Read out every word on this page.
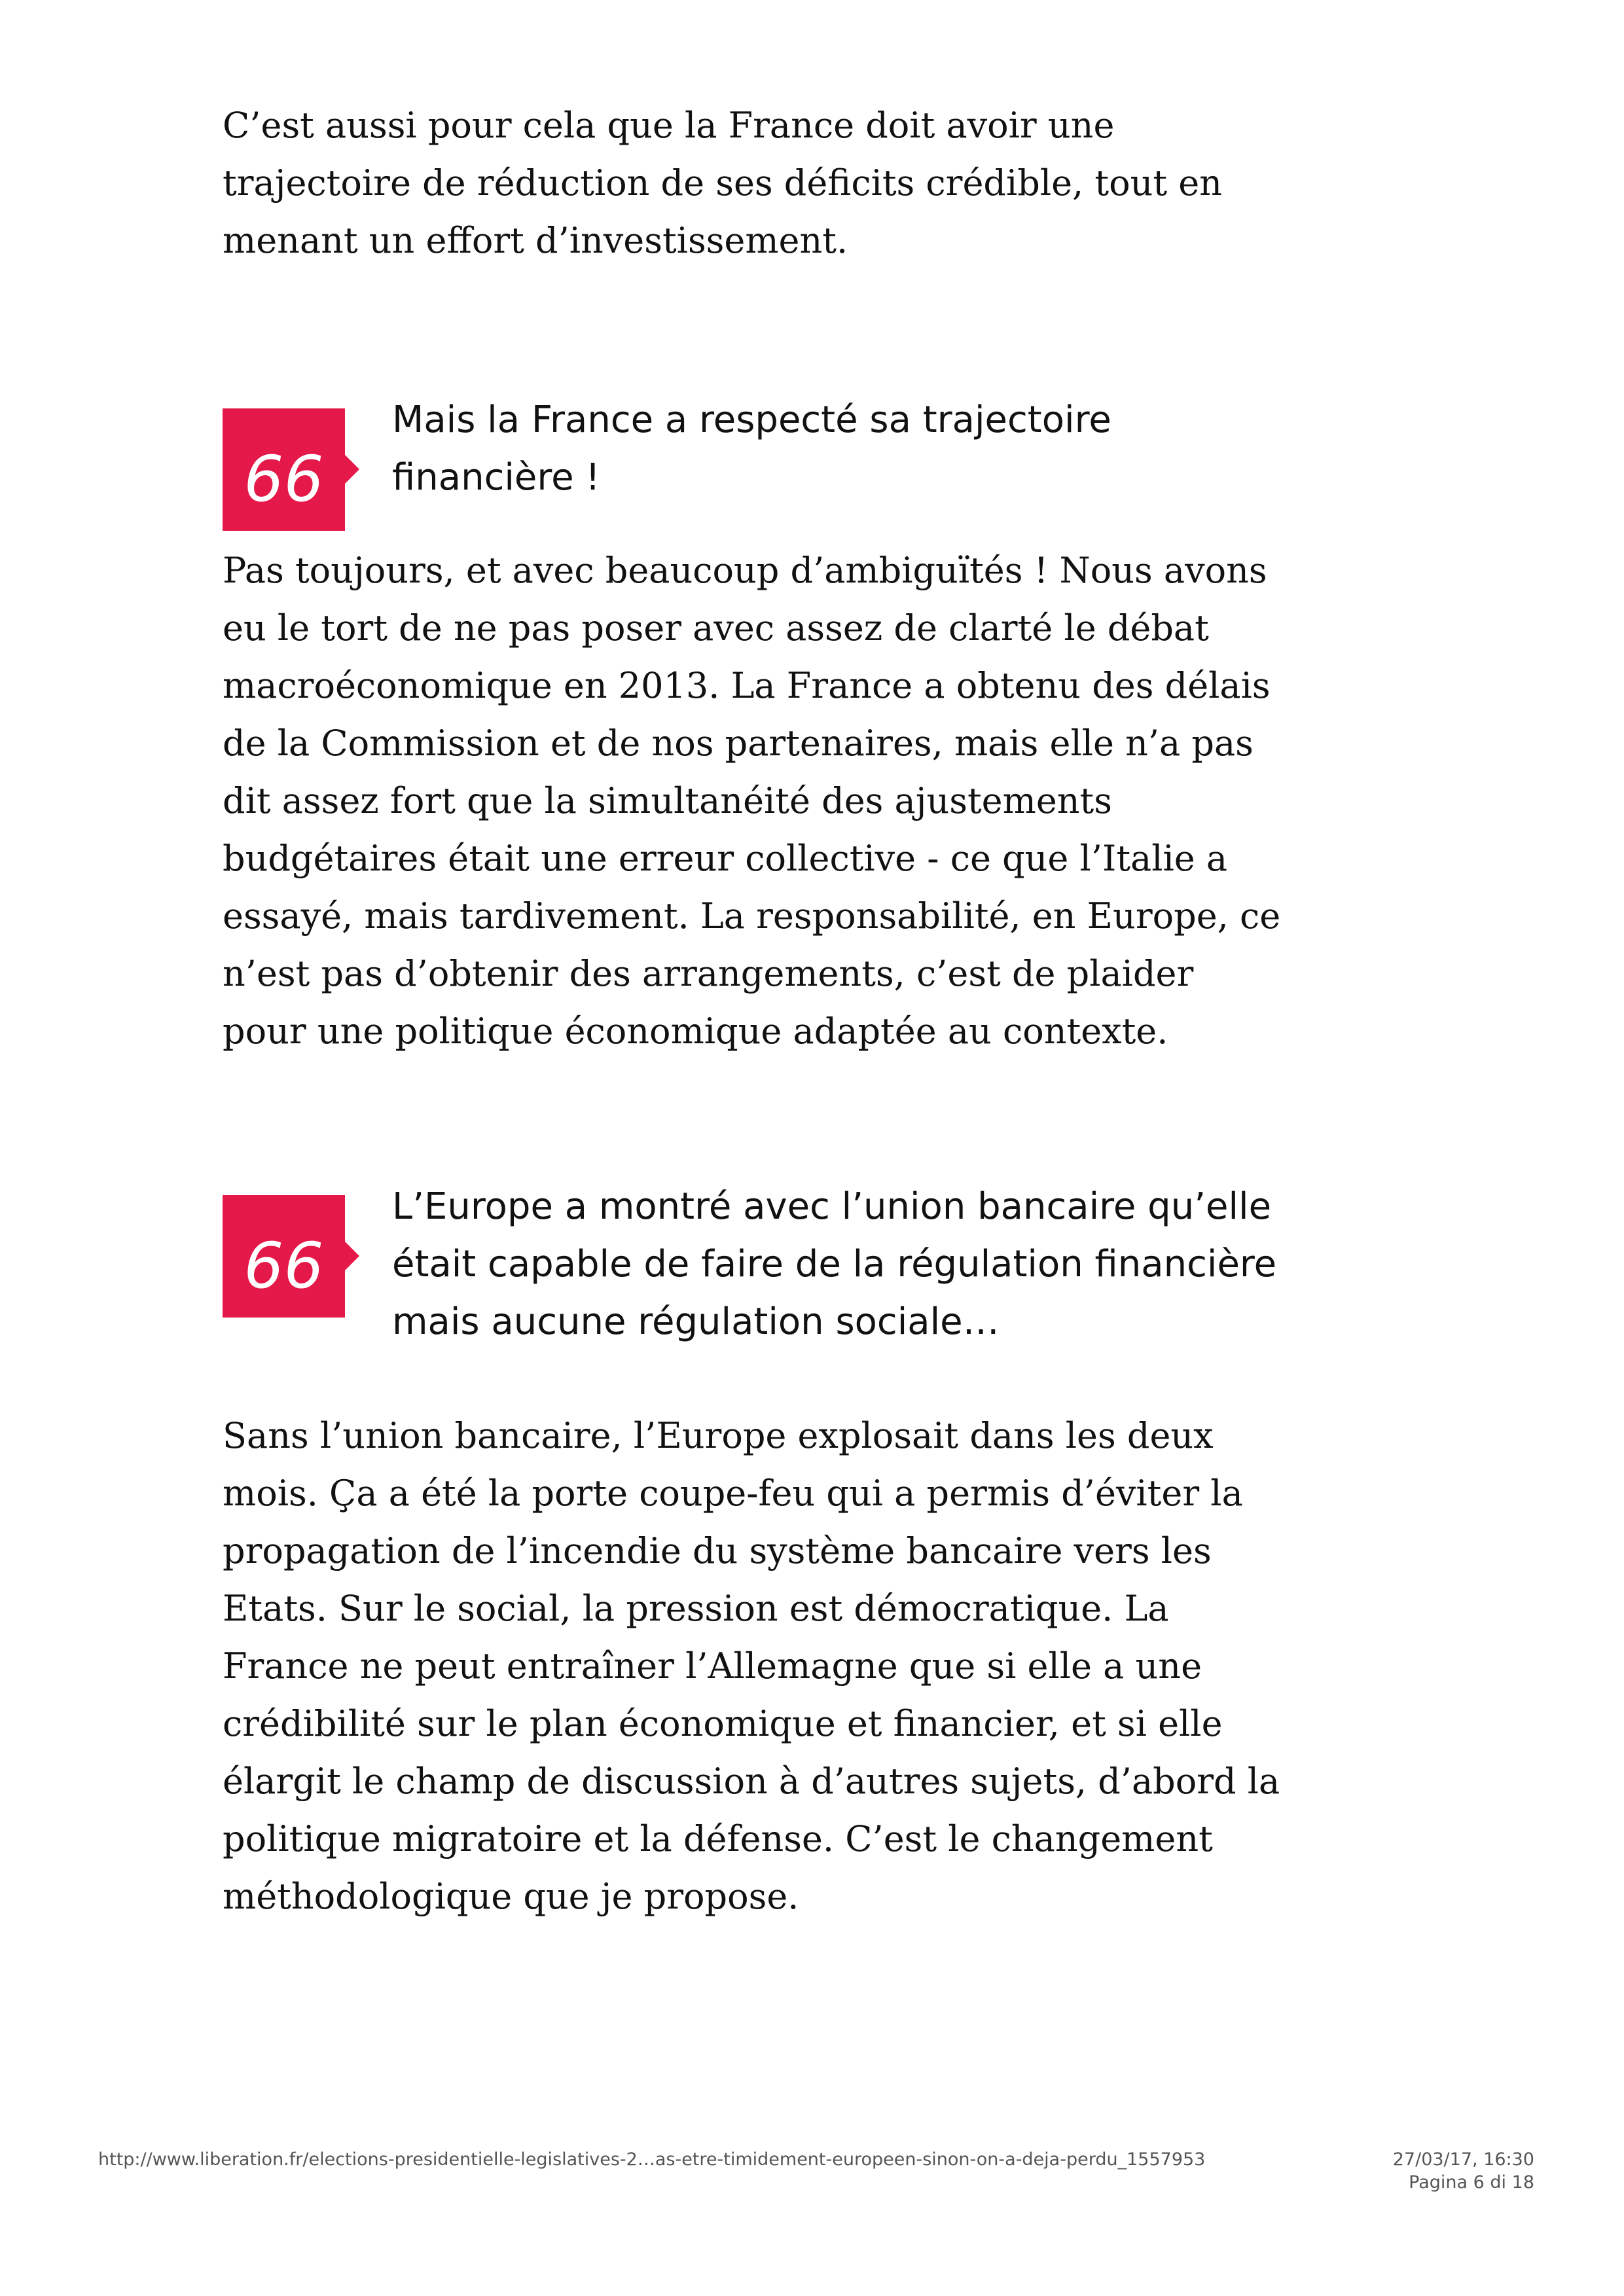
C’est aussi pour cela que la France doit avoir une trajectoire de réduction de ses déficits crédible, tout en menant un effort d’investissement.

66

Mais la France a respecté sa trajectoire financière !

Pas toujours, et avec beaucoup d’ambiguïtés ! Nous avons eu le tort de ne pas poser avec assez de clarté le débat macroéconomique en 2013. La France a obtenu des délais de la Commission et de nos partenaires, mais elle n’a pas dit assez fort que la simultanéité des ajustements budgétaires était une erreur collective - ce que l’Italie a essayé, mais tardivement. La responsabilité, en Europe, ce n’est pas d’obtenir des arrangements, c’est de plaider pour une politique économique adaptée au contexte.

66

L’Europe a montré avec l’union bancaire qu’elle était capable de faire de la régulation financière mais aucune régulation sociale…

Sans l’union bancaire, l’Europe explosait dans les deux mois. Ça a été la porte coupe-feu qui a permis d’éviter la propagation de l’incendie du système bancaire vers les Etats. Sur le social, la pression est démocratique. La France ne peut entraîner l’Allemagne que si elle a une crédibilité sur le plan économique et financier, et si elle élargit le champ de discussion à d’autres sujets, d’abord la politique migratoire et la défense. C’est le changement méthodologique que je propose.

http://www.liberation.fr/elections-presidentielle-legislatives-2…as-etre-timidement-europeen-sinon-on-a-deja-perdu_1557953	27/03/17, 16:30
Pagina 6 di 18
